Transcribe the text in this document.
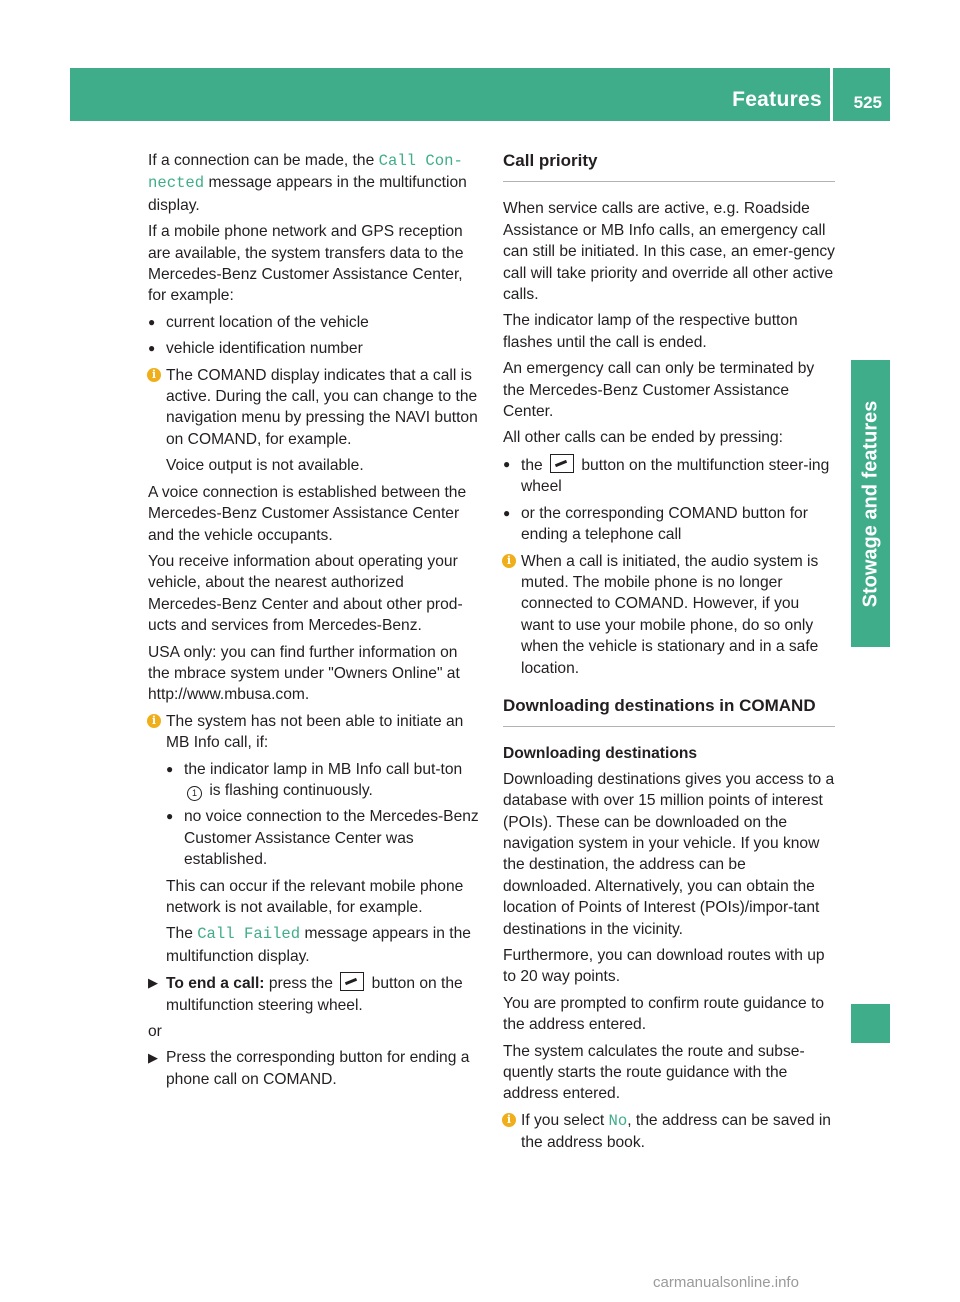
Features 525
Stowage and features

If a connection can be made, the Call Con‐nected message appears in the multifunction display.

If a mobile phone network and GPS reception are available, the system transfers data to the Mercedes-Benz Customer Assistance Center, for example:

● current location of the vehicle
● vehicle identification number
i The COMAND display indicates that a call is active. During the call, you can change to the navigation menu by pressing the NAVI button on COMAND, for example.

Voice output is not available.

A voice connection is established between the Mercedes-Benz Customer Assistance Center and the vehicle occupants.

You receive information about operating your vehicle, about the nearest authorized Mercedes-Benz Center and about other prod‐ucts and services from Mercedes-Benz.

USA only: you can find further information on the mbrace system under "Owners Online" at http://www.mbusa.com.

i The system has not been able to initiate an MB Info call, if:

● the indicator lamp in MB Info call but‐ton 1 is flashing continuously.
● no voice connection to the Mercedes-Benz Customer Assistance Center was established.

This can occur if the relevant mobile phone network is not available, for example.

The Call Failed message appears in the multifunction display.

▶ To end a call: press the  button on the multifunction steering wheel.

or

▶ Press the corresponding button for ending a phone call on COMAND.
Call priority

When service calls are active, e.g. Roadside Assistance or MB Info calls, an emergency call can still be initiated. In this case, an emer‐gency call will take priority and override all other active calls.

The indicator lamp of the respective button flashes until the call is ended.

An emergency call can only be terminated by the Mercedes-Benz Customer Assistance Center.

All other calls can be ended by pressing:

● the  button on the multifunction steer‐ing wheel
● or the corresponding COMAND button for ending a telephone call
i When a call is initiated, the audio system is muted. The mobile phone is no longer connected to COMAND. However, if you want to use your mobile phone, do so only when the vehicle is stationary and in a safe location.

Downloading destinations in COMAND
Downloading destinations

Downloading destinations gives you access to a database with over 15 million points of interest (POIs). These can be downloaded on the navigation system in your vehicle. If you know the destination, the address can be downloaded. Alternatively, you can obtain the location of Points of Interest (POIs)/impor‐tant destinations in the vicinity.

Furthermore, you can download routes with up to 20 way points.

You are prompted to confirm route guidance to the address entered.

The system calculates the route and subse‐quently starts the route guidance with the address entered.

i If you select No, the address can be saved in the address book.

carmanualsonline.info
